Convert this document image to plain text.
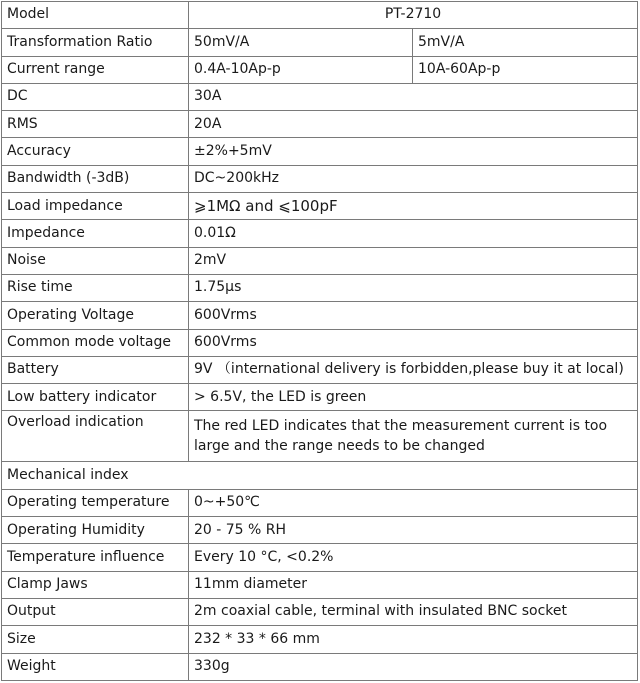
Model	PT-2710	
Transformation Ratio	50mV/A	5mV/A
Current range	0.4A-10Ap-p	10A-60Ap-p
DC	30A	
RMS	20A	
Accuracy	±2%+5mV	
Bandwidth (-3dB)	DC~200kHz	
Load impedance	⩾1MΩ and ⩽100pF	
Impedance	0.01Ω	
Noise	2mV	
Rise time	1.75μs	
Operating Voltage	600Vrms	
Common mode voltage	600Vrms	
Battery	9V （international delivery is forbidden,please buy it at local)	
Low battery indicator	> 6.5V, the LED is green	
Overload indication	The red LED indicates that the measurement current is too large and the range needs to be changed	
Mechanical index		
Operating temperature	0~+50℃	
Operating Humidity	20 - 75 % RH	
Temperature influence	Every 10 °C, <0.2%	
Clamp Jaws	11mm diameter	
Output	2m coaxial cable, terminal with insulated BNC socket	
Size	232 * 33 * 66 mm	
Weight	330g	
